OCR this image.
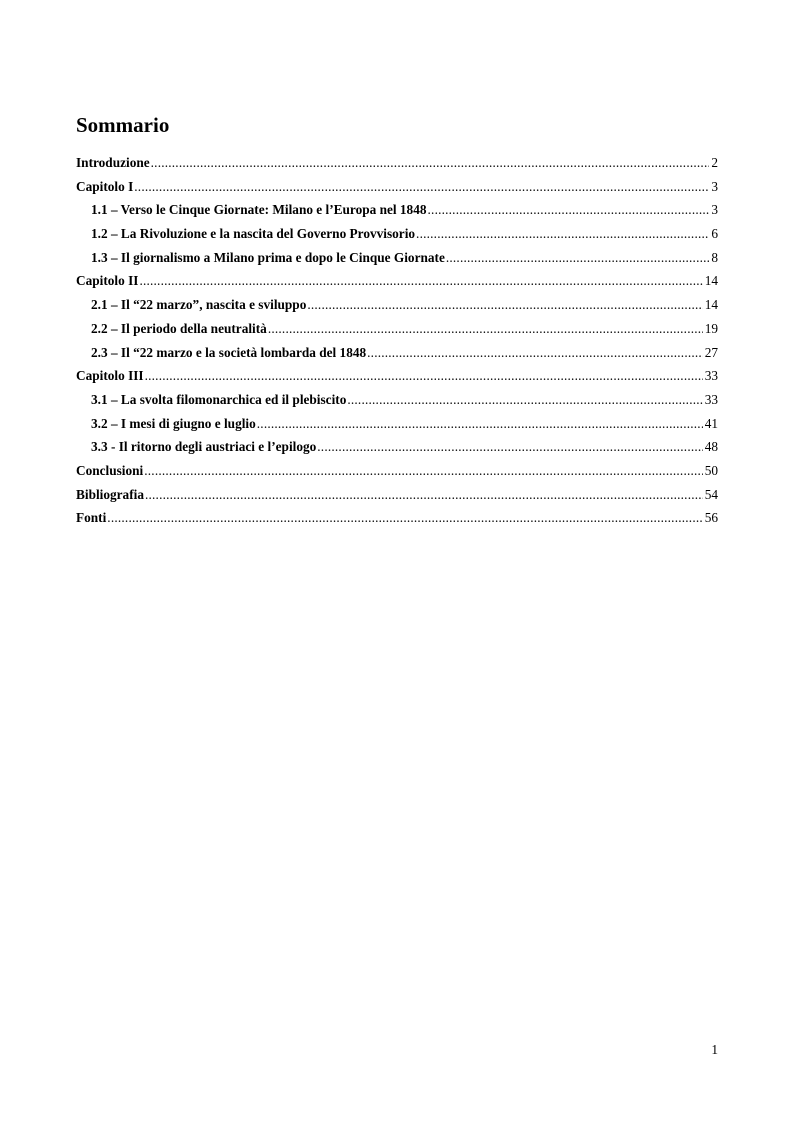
Sommario
Introduzione .....	2
Capitolo I .....	3
1.1 – Verso le Cinque Giornate: Milano e l’Europa nel 1848 .....	3
1.2 – La Rivoluzione e la nascita del Governo Provvisorio .....	6
1.3 – Il giornalismo a Milano prima e dopo le Cinque Giornate .....	8
Capitolo II .....	14
2.1 – Il “22 marzo”, nascita e sviluppo .....	14
2.2 – Il periodo della neutralità .....	19
2.3 – Il “22 marzo e la società lombarda del 1848 .....	27
Capitolo III .....	33
3.1 – La svolta filomonarchica ed il plebiscito .....	33
3.2 – I mesi di giugno e luglio .....	41
3.3 - Il ritorno degli austriaci e l’epilogo .....	48
Conclusioni .....	50
Bibliografia .....	54
Fonti .....	56
1
